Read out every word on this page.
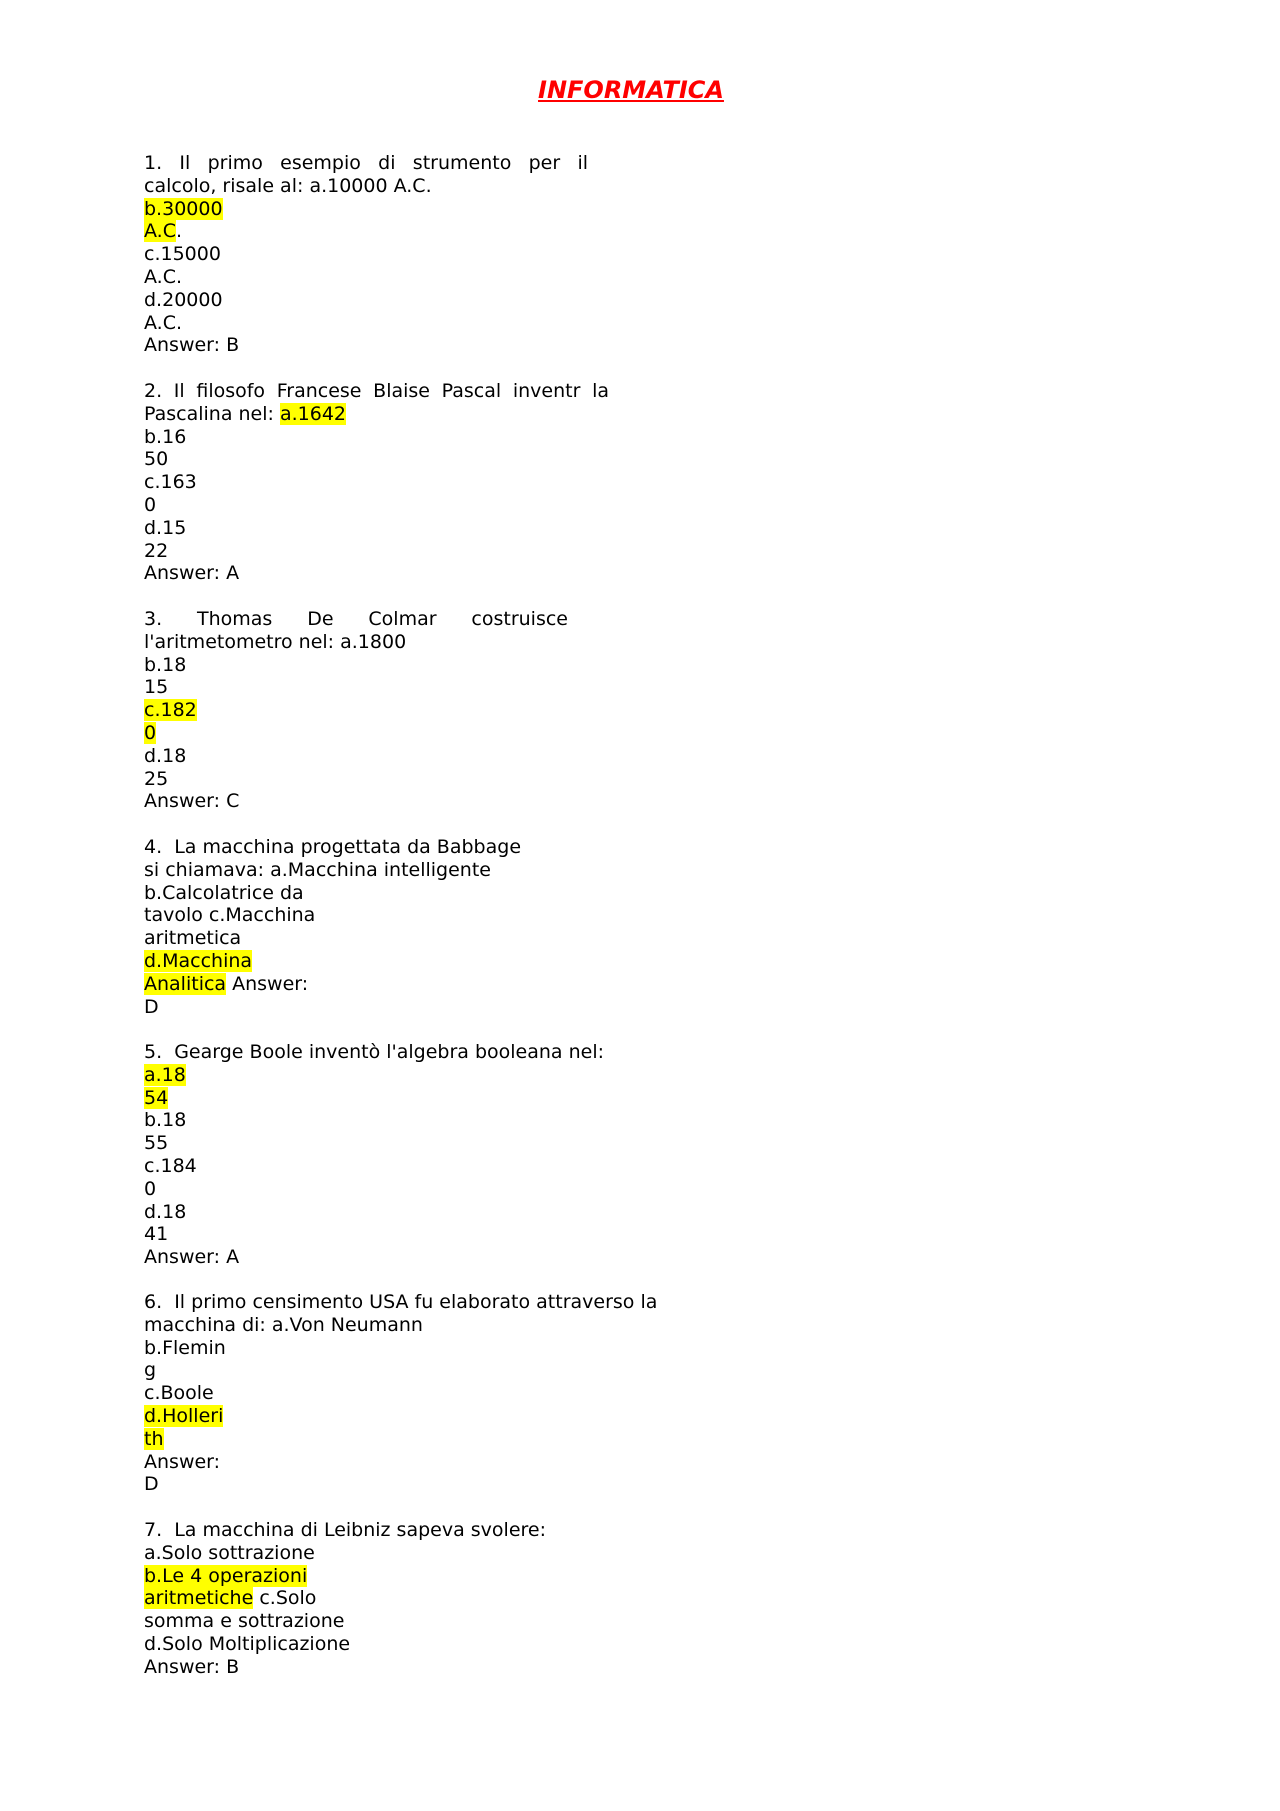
INFORMATICA
1. Il primo esempio di strumento per il
calcolo, risale al: a.10000 A.C.
b.30000
A.C.
c.15000
A.C.
d.20000
A.C.
Answer: B
2. Il filosofo Francese Blaise Pascal inventr la
Pascalina nel: a.1642
b.16
50
c.163
0
d.15
22
Answer: A
3. Thomas De Colmar costruisce
l'aritmetometro nel: a.1800
b.18
15
c.182
0
d.18
25
Answer: C
4.  La macchina progettata da Babbage
si chiamava: a.Macchina intelligente
b.Calcolatrice da
tavolo c.Macchina
aritmetica
d.Macchina
Analitica Answer:
D
5.  Gearge Boole inventò l'algebra booleana nel:
a.18
54
b.18
55
c.184
0
d.18
41
Answer: A
6.  Il primo censimento USA fu elaborato attraverso la
macchina di: a.Von Neumann
b.Flemin
g
c.Boole
d.Holleri
th
Answer:
D
7.  La macchina di Leibniz sapeva svolere:
a.Solo sottrazione
b.Le 4 operazioni
aritmetiche c.Solo
somma e sottrazione
d.Solo Moltiplicazione
Answer: B
